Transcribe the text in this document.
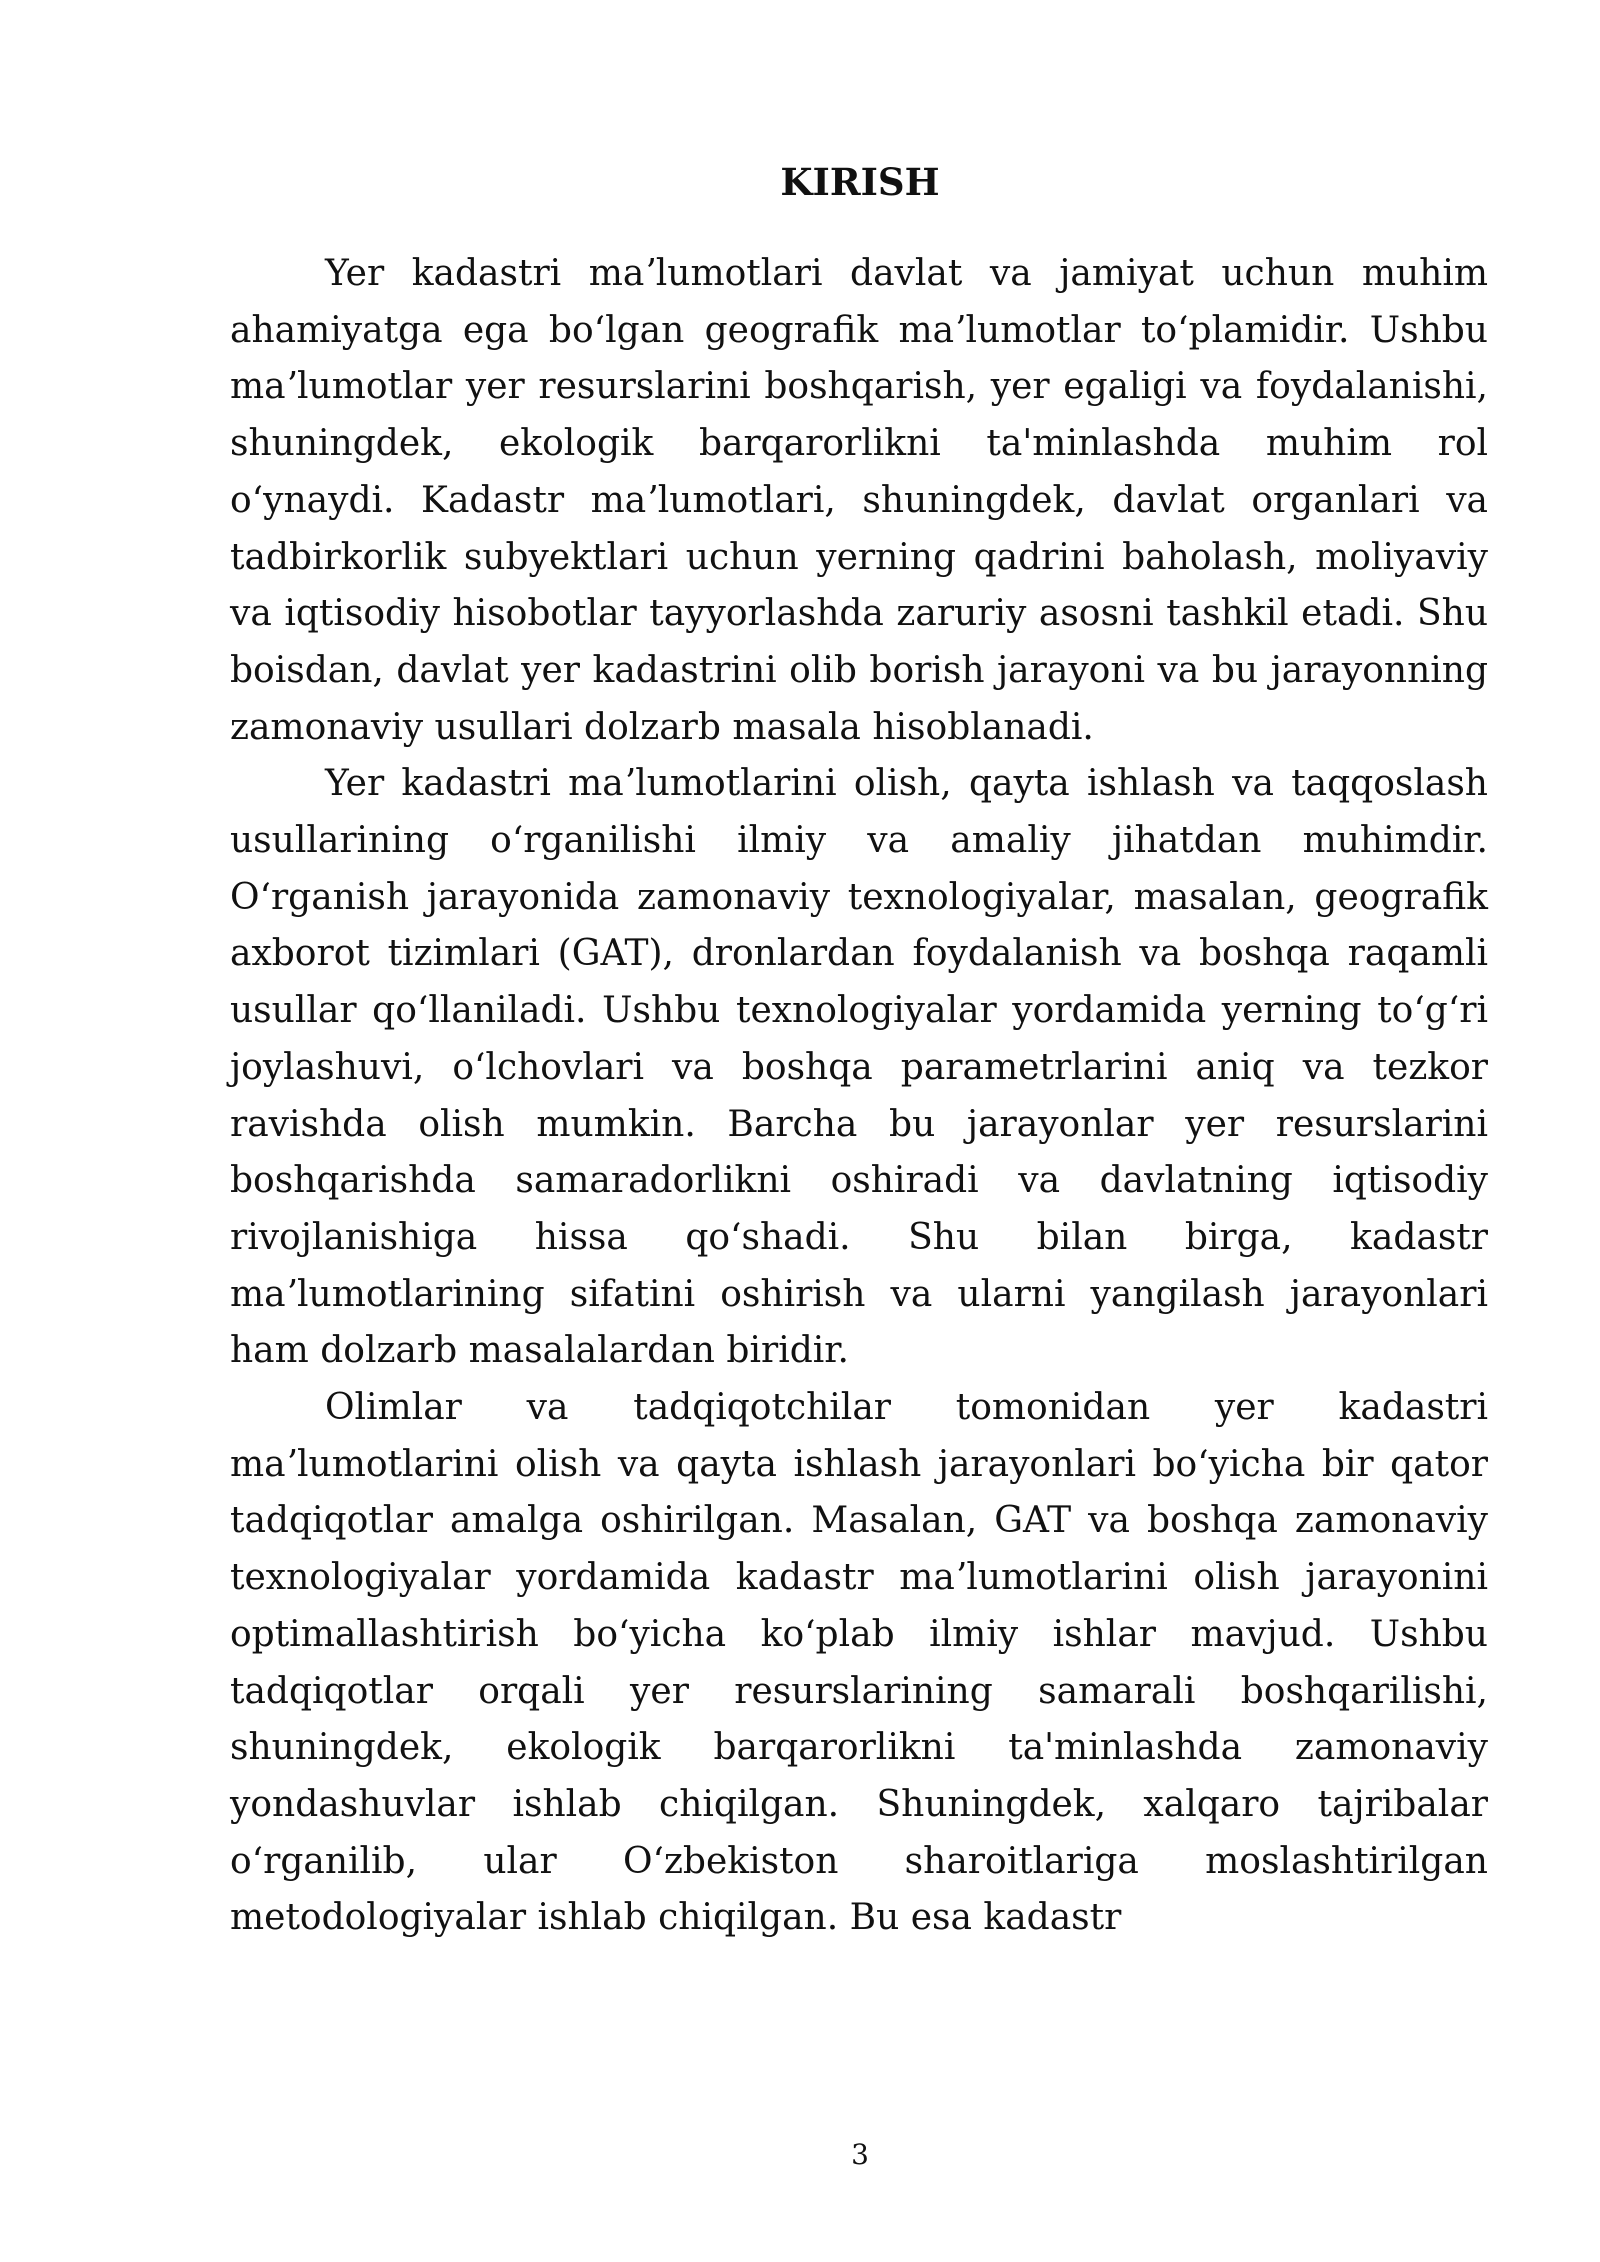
KIRISH

Yer kadastri maʼlumotlari davlat va jamiyat uchun muhim ahamiyatga ega boʻlgan geografik maʼlumotlar toʻplamidir. Ushbu maʼlumotlar yer resurslarini boshqarish, yer egaligi va foydalanishi, shuningdek, ekologik barqarorlikni ta'minlashda muhim rol oʻynaydi. Kadastr maʼlumotlari, shuningdek, davlat organlari va tadbirkorlik subyektlari uchun yerning qadrini baholash, moliyaviy va iqtisodiy hisobotlar tayyorlashda zaruriy asosni tashkil etadi. Shu boisdan, davlat yer kadastrini olib borish jarayoni va bu jarayonning zamonaviy usullari dolzarb masala hisoblanadi.

Yer kadastri maʼlumotlarini olish, qayta ishlash va taqqoslash usullarining oʻrganilishi ilmiy va amaliy jihatdan muhimdir. Oʻrganish jarayonida zamonaviy texnologiyalar, masalan, geografik axborot tizimlari (GAT), dronlardan foydalanish va boshqa raqamli usullar qoʻllaniladi. Ushbu texnologiyalar yordamida yerning toʻgʻri joylashuvi, oʻlchovlari va boshqa parametrlarini aniq va tezkor ravishda olish mumkin. Barcha bu jarayonlar yer resurslarini boshqarishda samaradorlikni oshiradi va davlatning iqtisodiy rivojlanishiga hissa qoʻshadi. Shu bilan birga, kadastr maʼlumotlarining sifatini oshirish va ularni yangilash jarayonlari ham dolzarb masalalardan biridir.

Olimlar va tadqiqotchilar tomonidan yer kadastri maʼlumotlarini olish va qayta ishlash jarayonlari boʻyicha bir qator tadqiqotlar amalga oshirilgan. Masalan, GAT va boshqa zamonaviy texnologiyalar yordamida kadastr maʼlumotlarini olish jarayonini optimallashtirish boʻyicha koʻplab ilmiy ishlar mavjud. Ushbu tadqiqotlar orqali yer resurslarining samarali boshqarilishi, shuningdek, ekologik barqarorlikni ta'minlashda zamonaviy yondashuvlar ishlab chiqilgan. Shuningdek, xalqaro tajribalar oʻrganilib, ular Oʻzbekiston sharoitlariga moslashtirilgan metodologiyalar ishlab chiqilgan. Bu esa kadastr

3
